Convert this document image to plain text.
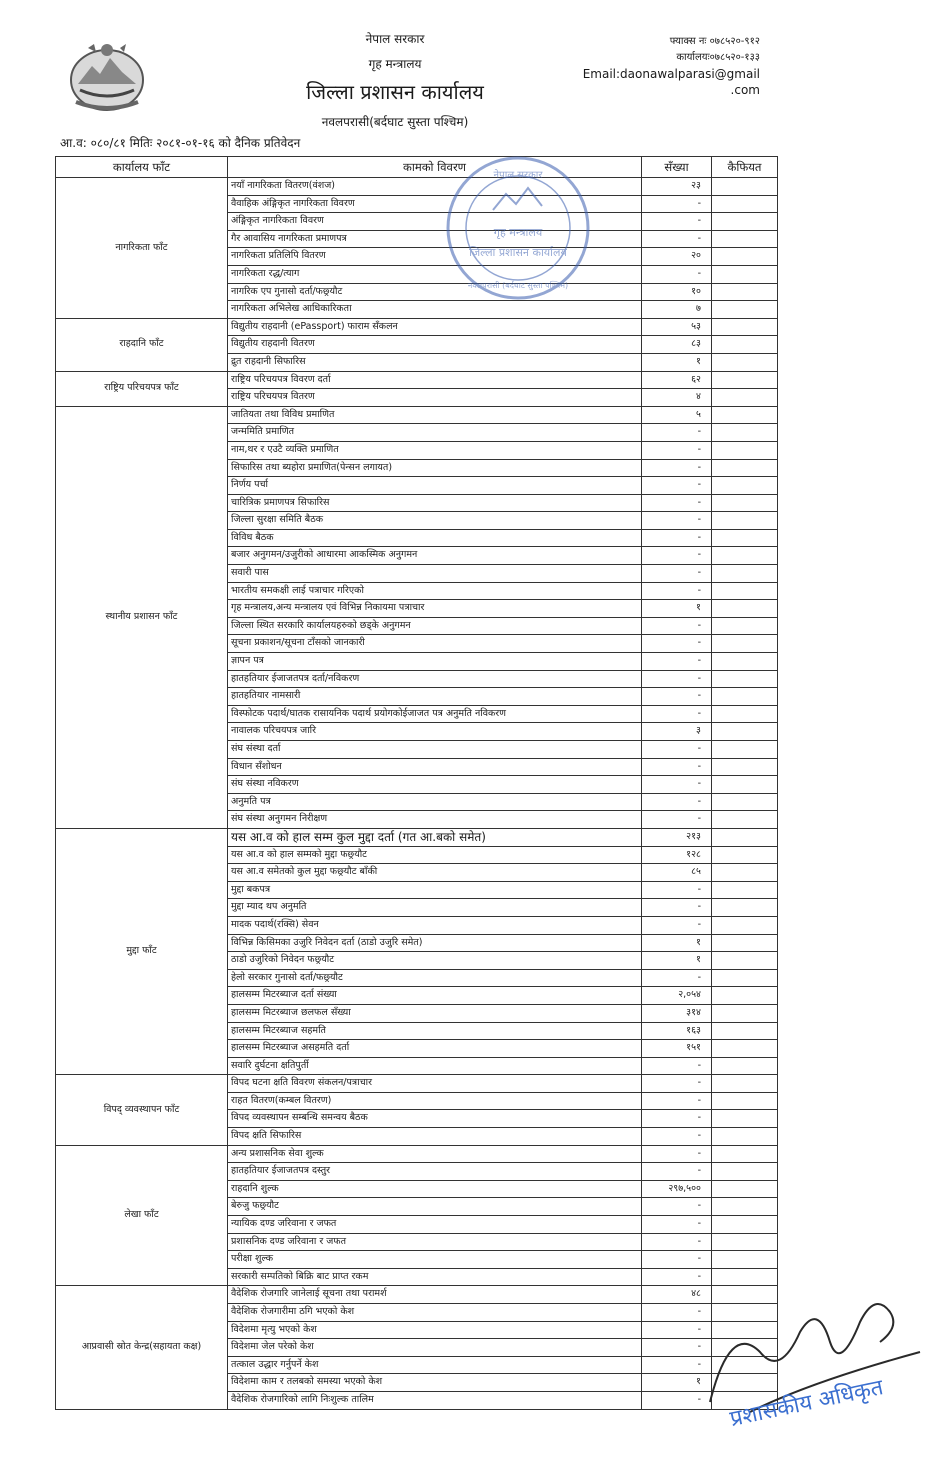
नेपाल सरकार
गृह मन्त्रालय
जिल्ला प्रशासन कार्यालय
नवलपरासी(बर्दघाट सुस्ता पश्चिम)
फ्याक्स नः ०७८५२०-९१२
कार्यालयः०७८५२०-१३३
Email:daonawalparasi@gmail
.com
आ.व: ०८०/८१ मितिः २०८१-०१-१६ को दैनिक प्रतिवेदन
कार्यालय फाँट	कामको विवरण	सँख्या	कैफियत
नागरिकता फाँट	नयाँ नागरिकता वितरण(वंशज)	२३	
	वैवाहिक अंङ्गिकृत नागरिकता विवरण	-	
	अंङ्गिकृत नागरिकता विवरण	-	
	गैर आवासिय नागरिकता प्रमाणपत्र	-	
	नागरिकता प्रतिलिपि वितरण	२०	
	नागरिकता रद्ध/त्याग	-	
	नागरिक एप गुनासो दर्ता/फछ्र्यौट	१०	
	नागरिकता अभिलेख आधिकारिकता	७	
राहदानि फाँट	विद्युतीय राहदानी (ePassport) फाराम सँकलन	५३	
	विद्युतीय राहदानी वितरण	८३	
	द्रुत राहदानी सिफारिस	१	
राष्ट्रिय परिचयपत्र फाँट	राष्ट्रिय परिचयपत्र विवरण दर्ता	६२	
	राष्ट्रिय परिचयपत्र वितरण	४	
स्थानीय प्रशासन फाँट	जातियता तथा विविध प्रमाणित	५	
	जन्ममिति प्रमाणित	-	
	नाम,थर र एउटै व्यक्ति प्रमाणित	-	
	सिफारिस तथा ब्यहोरा प्रमाणित(पेन्सन लगायत)	-	
	निर्णय पर्चा	-	
	चारित्रिक प्रमाणपत्र सिफारिस	-	
	जिल्ला सुरक्षा समिति बैठक	-	
	विविध बैठक	-	
	बजार अनुगमन/उजुरीको आधारमा आकस्मिक अनुगमन	-	
	सवारी पास	-	
	भारतीय समकक्षी लाई पत्राचार गरिएको	-	
	गृह मन्त्रालय,अन्य मन्त्रालय एवं विभिन्न निकायमा पत्राचार	१	
	जिल्ला स्थित सरकारि कार्यालयहरुको छड्के अनुगमन	-	
	सूचना प्रकाशन/सूचना टाँसको जानकारी	-	
	ज्ञापन पत्र	-	
	हातहतियार ईजाजतपत्र दर्ता/नविकरण	-	
	हातहतियार नामसारी	-	
	विस्फोटक पदार्थ/घातक रासायनिक पदार्थ प्रयोगकोईजाजत पत्र अनुमति नविकरण	-	
	नावालक परिचयपत्र जारि	३	
	संघ संस्था दर्ता	-	
	विधान सँशोधन	-	
	संघ संस्था नविकरण	-	
	अनुमति पत्र	-	
	संघ संस्था अनुगमन निरीक्षण	-	
मुद्दा फाँट	यस आ.व को हाल सम्म कुल मुद्दा दर्ता (गत आ.बको समेत)	२१३	
	यस आ.व को हाल सम्मको मुद्दा फछ्र्यौट	१२८	
	यस आ.व समेतको कुल मुद्दा फछ्र्यौट बाँकी	८५	
	मुद्दा बकपत्र	-	
	मुद्दा म्याद थप अनुमति	-	
	मादक पदार्थ(रक्सि) सेवन	-	
	विभिन्न किसिमका उजुरि निवेदन दर्ता (ठाडो उजुरि समेत)	१	
	ठाडो उजुरिको निवेदन फछ्र्यौट	१	
	हेलो सरकार गुनासो दर्ता/फछ्र्यौट	-	
	हालसम्म मिटरब्याज दर्ता संख्या	२,०५४	
	हालसम्म मिटरब्याज छलफल सँख्या	३१४	
	हालसम्म मिटरब्याज सहमति	१६३	
	हालसम्म मिटरब्याज असहमति दर्ता	१५१	
	सवारि दुर्घटना क्षतिपुर्ती	-	
विपद् व्यवस्थापन फाँट	विपद घटना क्षति विवरण संकलन/पत्राचार	-	
	राहत वितरण(कम्बल वितरण)	-	
	विपद व्यवस्थापन सम्बन्धि समन्वय बैठक	-	
	विपद क्षति सिफारिस	-	
लेखा फाँट	अन्य प्रशासनिक सेवा शुल्क	-	
	हातहतियार ईजाजतपत्र दस्तुर	-	
	राहदानि शुल्क	२९७,५००	
	बेरुजु फछ्र्यौट	-	
	न्यायिक दण्ड जरिवाना र जफत	-	
	प्रशासनिक दण्ड जरिवाना र जफत	-	
	परीक्षा शुल्क	-	
	सरकारी सम्पतिको बिक्रि बाट प्राप्त रकम	-	
आप्रवासी स्रोत केन्द्र(सहायता कक्ष)	वैदेशिक रोजगारि जानेलाई सूचना तथा परामर्श	४८	
	वैदेशिक रोजगारीमा ठगि भएको केश	-	
	विदेशमा मृत्यु भएको केश	-	
	विदेशमा जेल परेको केश	-	
	तत्काल उद्धार गर्नुपर्ने केश	-	
	विदेशमा काम र तलबको समस्या भएको केश	१	
	वैदेशिक रोजगारिको लागि निःशुल्क तालिम	-	
नेपाल सरकार
गृह मन्त्रालय
जिल्ला प्रशासन कार्यालय
नवलपरासी (बर्दघाट सुस्ता पश्चिम)
प्रशासकीय अधिकृत
